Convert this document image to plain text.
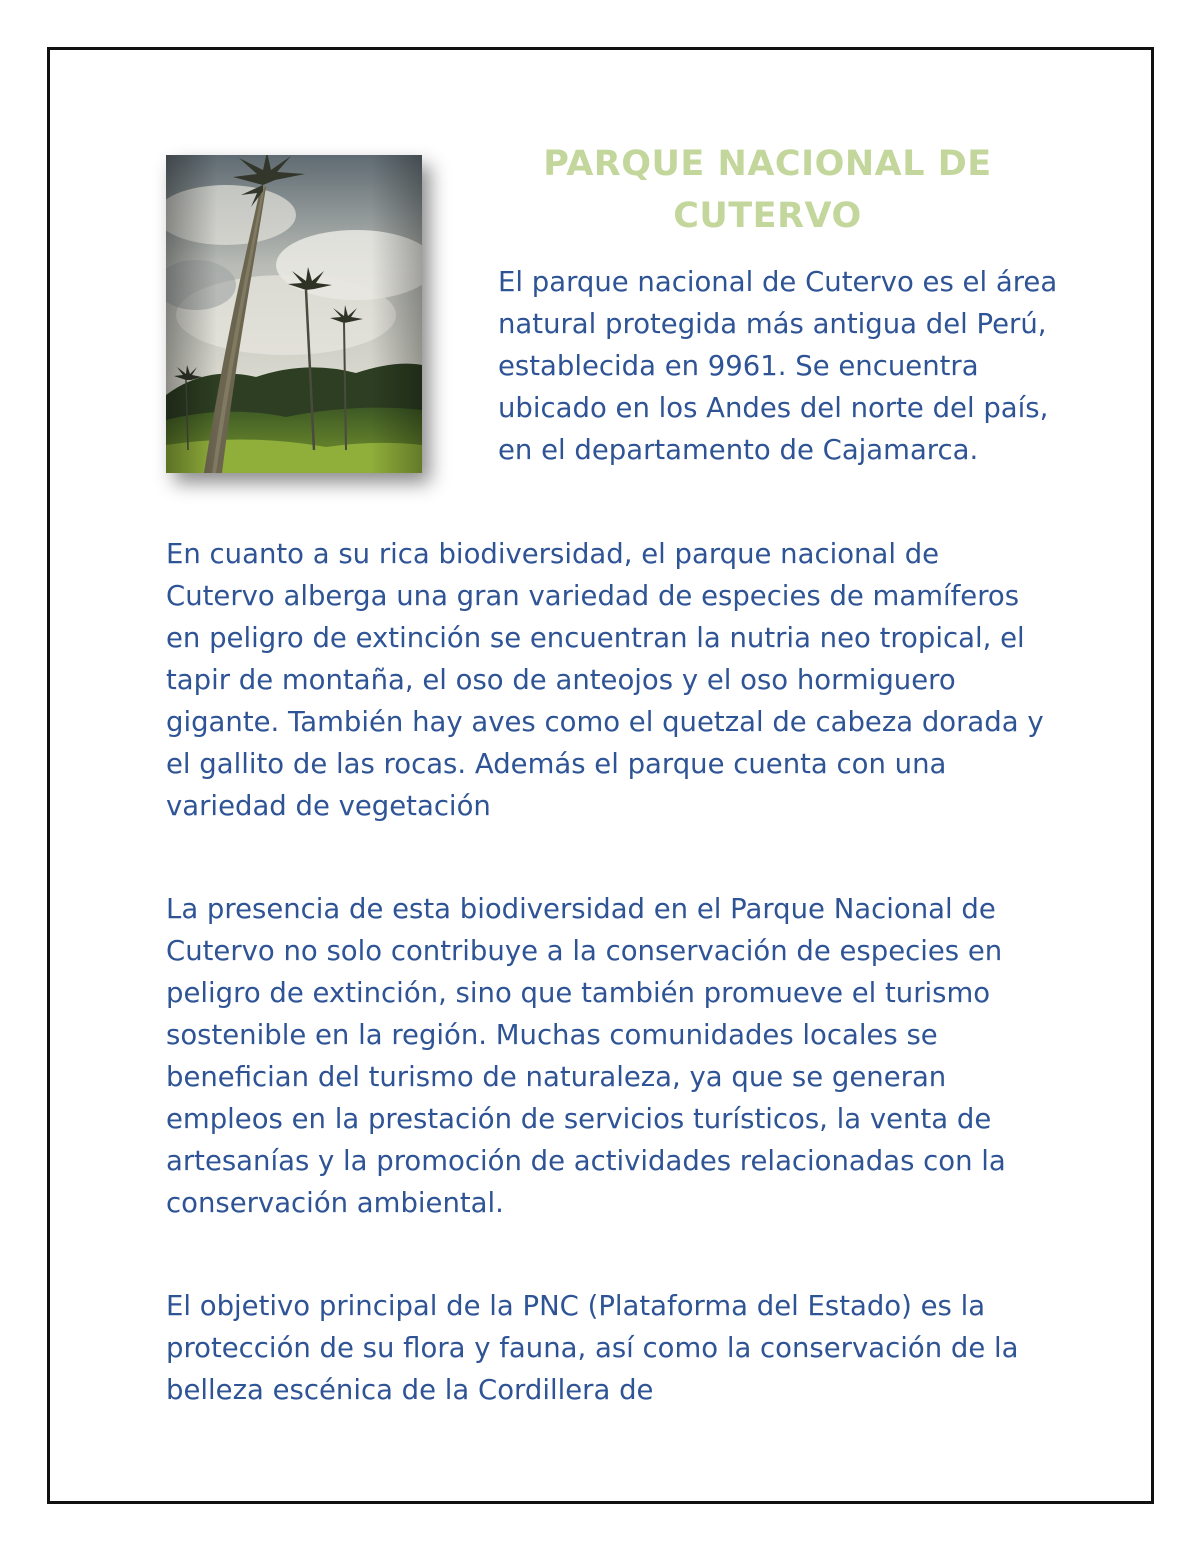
PARQUE NACIONAL DE CUTERVO

El parque nacional de Cutervo es el área natural protegida más antigua del Perú, establecida en 9961. Se encuentra ubicado en los Andes del norte del país, en el departamento de Cajamarca.

En cuanto a su rica biodiversidad, el parque nacional de Cutervo alberga una gran variedad de especies de mamíferos en peligro de extinción se encuentran la nutria neo tropical, el tapir de montaña, el oso de anteojos y el oso hormiguero gigante. También hay aves como el quetzal de cabeza dorada y el gallito de las rocas. Además el parque cuenta con una variedad de vegetación

La presencia de esta biodiversidad en el Parque Nacional de Cutervo no solo contribuye a la conservación de especies en peligro de extinción, sino que también promueve el turismo sostenible en la región. Muchas comunidades locales se benefician del turismo de naturaleza, ya que se generan empleos en la prestación de servicios turísticos, la venta de artesanías y la promoción de actividades relacionadas con la conservación ambiental.

El objetivo principal de la PNC (Plataforma del Estado) es la protección de su flora y fauna, así como la conservación de la belleza escénica de la Cordillera de
